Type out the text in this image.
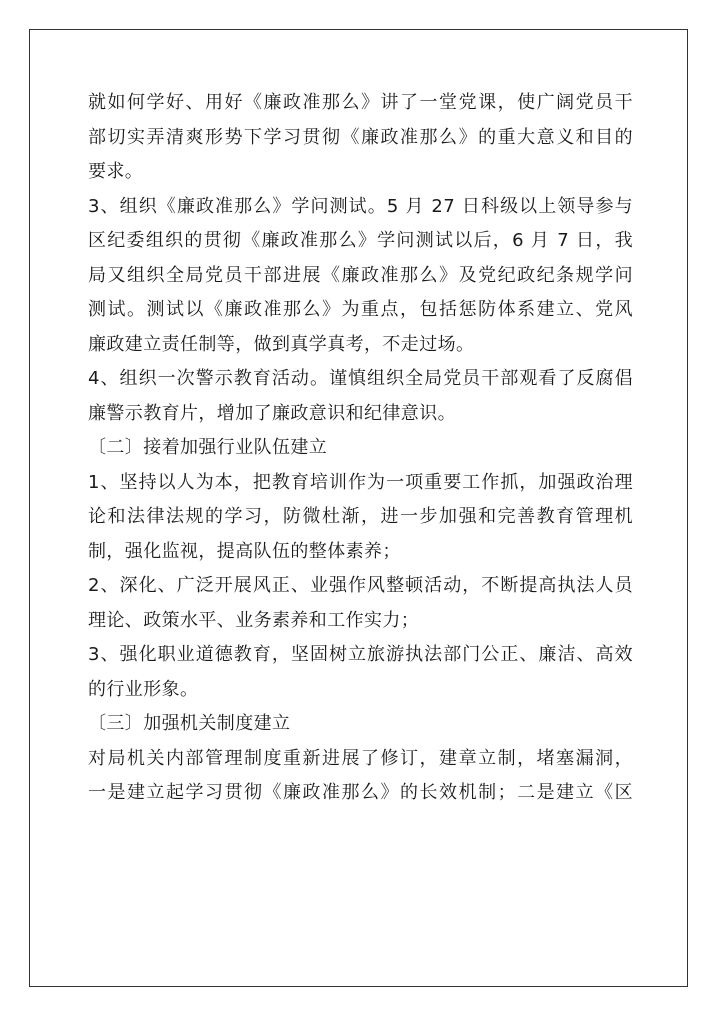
就如何学好、用好《廉政准那么》讲了一堂党课，使广阔党员干
部切实弄清爽形势下学习贯彻《廉政准那么》的重大意义和目的
要求。
3、组织《廉政准那么》学问测试。5 月 27 日科级以上领导参与
区纪委组织的贯彻《廉政准那么》学问测试以后，6 月 7 日，我
局又组织全局党员干部进展《廉政准那么》及党纪政纪条规学问
测试。测试以《廉政准那么》为重点，包括惩防体系建立、党风
廉政建立责任制等，做到真学真考，不走过场。
4、组织一次警示教育活动。谨慎组织全局党员干部观看了反腐倡
廉警示教育片，增加了廉政意识和纪律意识。
〔二〕接着加强行业队伍建立
1、坚持以人为本，把教育培训作为一项重要工作抓，加强政治理
论和法律法规的学习，防微杜渐，进一步加强和完善教育管理机
制，强化监视，提高队伍的整体素养；
2、深化、广泛开展风正、业强作风整顿活动，不断提高执法人员
理论、政策水平、业务素养和工作实力；
3、强化职业道德教育，坚固树立旅游执法部门公正、廉洁、高效
的行业形象。
〔三〕加强机关制度建立
对局机关内部管理制度重新进展了修订，建章立制，堵塞漏洞，
一是建立起学习贯彻《廉政准那么》的长效机制；二是建立《区
